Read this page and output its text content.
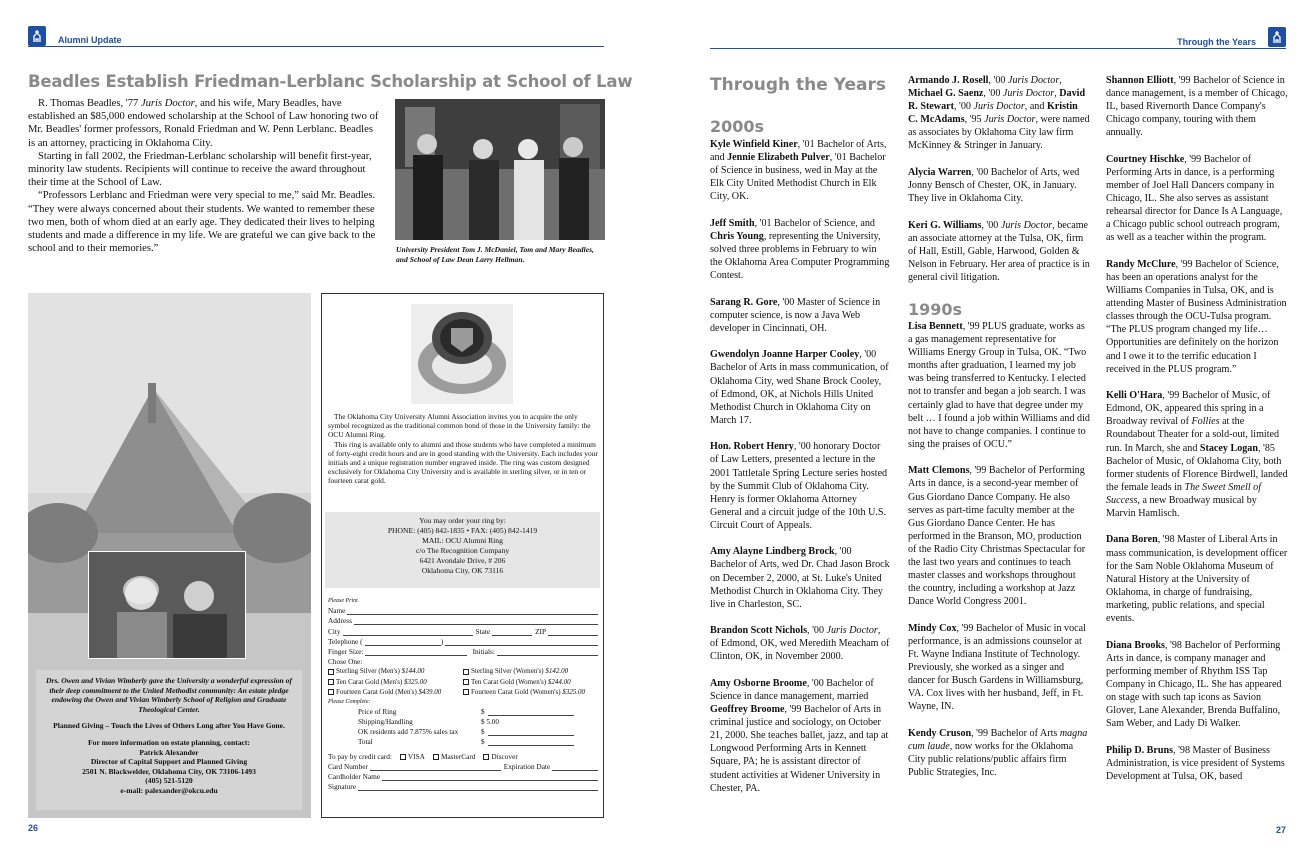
Alumni Update
Beadles Establish Friedman-Lerblanc Scholarship at School of Law

R. Thomas Beadles, '77 Juris Doctor, and his wife, Mary Beadles, have established an $85,000 endowed scholarship at the School of Law honoring two of Mr. Beadles' former professors, Ronald Friedman and W. Penn Lerblanc. Beadles is an attorney, practicing in Oklahoma City.

Starting in fall 2002, the Friedman-Lerblanc scholarship will benefit first-year, minority law students. Recipients will continue to receive the award throughout their time at the School of Law.

“Professors Lerblanc and Friedman were very special to me,” said Mr. Beadles. “They were always concerned about their students. We wanted to remember these two men, both of whom died at an early age. They dedicated their lives to helping students and made a difference in my life. We are grateful we can give back to the school and to their memories.”	University President Tom J. McDaniel, Tom and Mary Beadles, and School of Law Dean Larry Hellman.
Drs. Owen and Vivian Wimberly gave the University a wonderful expression of their deep commitment to the United Methodist community: An estate pledge endowing the Owen and Vivian Wimberly School of Religion and Graduate Theological Center.
Planned Giving – Touch the Lives of Others Long after You Have Gone.
For more information on estate planning, contact:
Patrick Alexander
Director of Capital Support and Planned Giving
2501 N. Blackwelder, Oklahoma City, OK 73106-1493
(405) 521-5120
e-mail: palexander@okcu.edu

The Oklahoma City University Alumni Association invites you to acquire the only symbol recognized as the traditional common bond of those in the University family: the OCU Alumni Ring.

This ring is available only to alumni and those students who have completed a minimum of forty-eight credit hours and are in good standing with the University. Each includes your initials and a unique registration number engraved inside. The ring was custom designed exclusively for Oklahoma City University and is available in sterling silver, or in ten or fourteen carat gold.

You may order your ring by:
PHONE: (405) 842-1835 • FAX: (405) 842-1419
MAIL: OCU Alumni Ring
c/o The Recognition Company
6421 Avondale Drive, # 206
Oklahoma City, OK 73116
Please Print
Name
Address
City	State	ZIP
Telephone (	)
Finger Size:	Initials:
Chose One:
Sterling Silver (Men's) $144.00	Sterling Silver (Women's) $142.00
Ten Carat Gold (Men's) $325.00	Ten Carat Gold (Women's) $244.00
Fourteen Carat Gold (Men's) $439.00	Fourteen Carat Gold (Women's) $325.00
Please Complete:
Price of Ring	$
Shipping/Handling	$ 5.00
OK residents add 7.875% sales tax	$
Total	$
To pay by credit card:	VISA	MasterCard	Discover
Card Number	Expiration Date
Cardholder Name
Signature
26
Through the Years
Through the Years
2000s
Kyle Winfield Kiner, '01 Bachelor of Arts, and Jennie Elizabeth Pulver, '01 Bachelor of Science in business, wed in May at the Elk City United Methodist Church in Elk City, OK.
Jeff Smith, '01 Bachelor of Science, and Chris Young, representing the University, solved three problems in February to win the Oklahoma Area Computer Programming Contest.
Sarang R. Gore, '00 Master of Science in computer science, is now a Java Web developer in Cincinnati, OH.
Gwendolyn Joanne Harper Cooley, '00 Bachelor of Arts in mass communication, of Oklahoma City, wed Shane Brock Cooley, of Edmond, OK, at Nichols Hills United Methodist Church in Oklahoma City on March 17.
Hon. Robert Henry, '00 honorary Doctor of Law Letters, presented a lecture in the 2001 Tattletale Spring Lecture series hosted by the Summit Club of Oklahoma City. Henry is former Oklahoma Attorney General and a circuit judge of the 10th U.S. Circuit Court of Appeals.
Amy Alayne Lindberg Brock, '00 Bachelor of Arts, wed Dr. Chad Jason Brock on December 2, 2000, at St. Luke's United Methodist Church in Oklahoma City. They live in Charleston, SC.
Brandon Scott Nichols, '00 Juris Doctor, of Edmond, OK, wed Meredith Meacham of Clinton, OK, in November 2000.
Amy Osborne Broome, '00 Bachelor of Science in dance management, married Geoffrey Broome, '99 Bachelor of Arts in criminal justice and sociology, on October 21, 2000. She teaches ballet, jazz, and tap at Longwood Performing Arts in Kennett Square, PA; he is assistant director of student activities at Widener University in Chester, PA.
Armando J. Rosell, '00 Juris Doctor, Michael G. Saenz, '00 Juris Doctor, David R. Stewart, '00 Juris Doctor, and Kristin C. McAdams, '95 Juris Doctor, were named as associates by Oklahoma City law firm McKinney & Stringer in January.
Alycia Warren, '00 Bachelor of Arts, wed Jonny Bensch of Chester, OK, in January. They live in Oklahoma City.
Keri G. Williams, '00 Juris Doctor, became an associate attorney at the Tulsa, OK, firm of Hall, Estill, Gable, Harwood, Golden & Nelson in February. Her area of practice is in general civil litigation.
1990s
Lisa Bennett, '99 PLUS graduate, works as a gas management representative for Williams Energy Group in Tulsa, OK. “Two months after graduation, I learned my job was being transferred to Kentucky. I elected not to transfer and began a job search. I was certainly glad to have that degree under my belt … I found a job within Williams and did not have to change companies. I continue to sing the praises of OCU.”
Matt Clemons, '99 Bachelor of Performing Arts in dance, is a second-year member of Gus Giordano Dance Company. He also serves as part-time faculty member at the Gus Giordano Dance Center. He has performed in the Branson, MO, production of the Radio City Christmas Spectacular for the last two years and continues to teach master classes and workshops throughout the country, including a workshop at Jazz Dance World Congress 2001.
Mindy Cox, '99 Bachelor of Music in vocal performance, is an admissions counselor at Ft. Wayne Indiana Institute of Technology. Previously, she worked as a singer and dancer for Busch Gardens in Williamsburg, VA. Cox lives with her husband, Jeff, in Ft. Wayne, IN.
Kendy Cruson, '99 Bachelor of Arts magna cum laude, now works for the Oklahoma City public relations/public affairs firm Public Strategies, Inc.
Shannon Elliott, '99 Bachelor of Science in dance management, is a member of Chicago, IL, based Rivernorth Dance Company's Chicago company, touring with them annually.
Courtney Hischke, '99 Bachelor of Performing Arts in dance, is a performing member of Joel Hall Dancers company in Chicago, IL. She also serves as assistant rehearsal director for Dance Is A Language, a Chicago public school outreach program, as well as a teacher within the program.
Randy McClure, '99 Bachelor of Science, has been an operations analyst for the Williams Companies in Tulsa, OK, and is attending Master of Business Administration classes through the OCU-Tulsa program. “The PLUS program changed my life… Opportunities are definitely on the horizon and I owe it to the terrific education I received in the PLUS program.”
Kelli O'Hara, '99 Bachelor of Music, of Edmond, OK, appeared this spring in a Broadway revival of Follies at the Roundabout Theater for a sold-out, limited run. In March, she and Stacey Logan, '85 Bachelor of Music, of Oklahoma City, both former students of Florence Birdwell, landed the female leads in The Sweet Smell of Success, a new Broadway musical by Marvin Hamlisch.
Dana Boren, '98 Master of Liberal Arts in mass communication, is development officer for the Sam Noble Oklahoma Museum of Natural History at the University of Oklahoma, in charge of fundraising, marketing, public relations, and special events.
Diana Brooks, '98 Bachelor of Performing Arts in dance, is company manager and performing member of Rhythm ISS Tap Company in Chicago, IL. She has appeared on stage with such tap icons as Savion Glover, Lane Alexander, Brenda Buffalino, Sam Weber, and Lady Di Walker.
Philip D. Bruns, '98 Master of Business Administration, is vice president of Systems Development at Tulsa, OK, based
27
